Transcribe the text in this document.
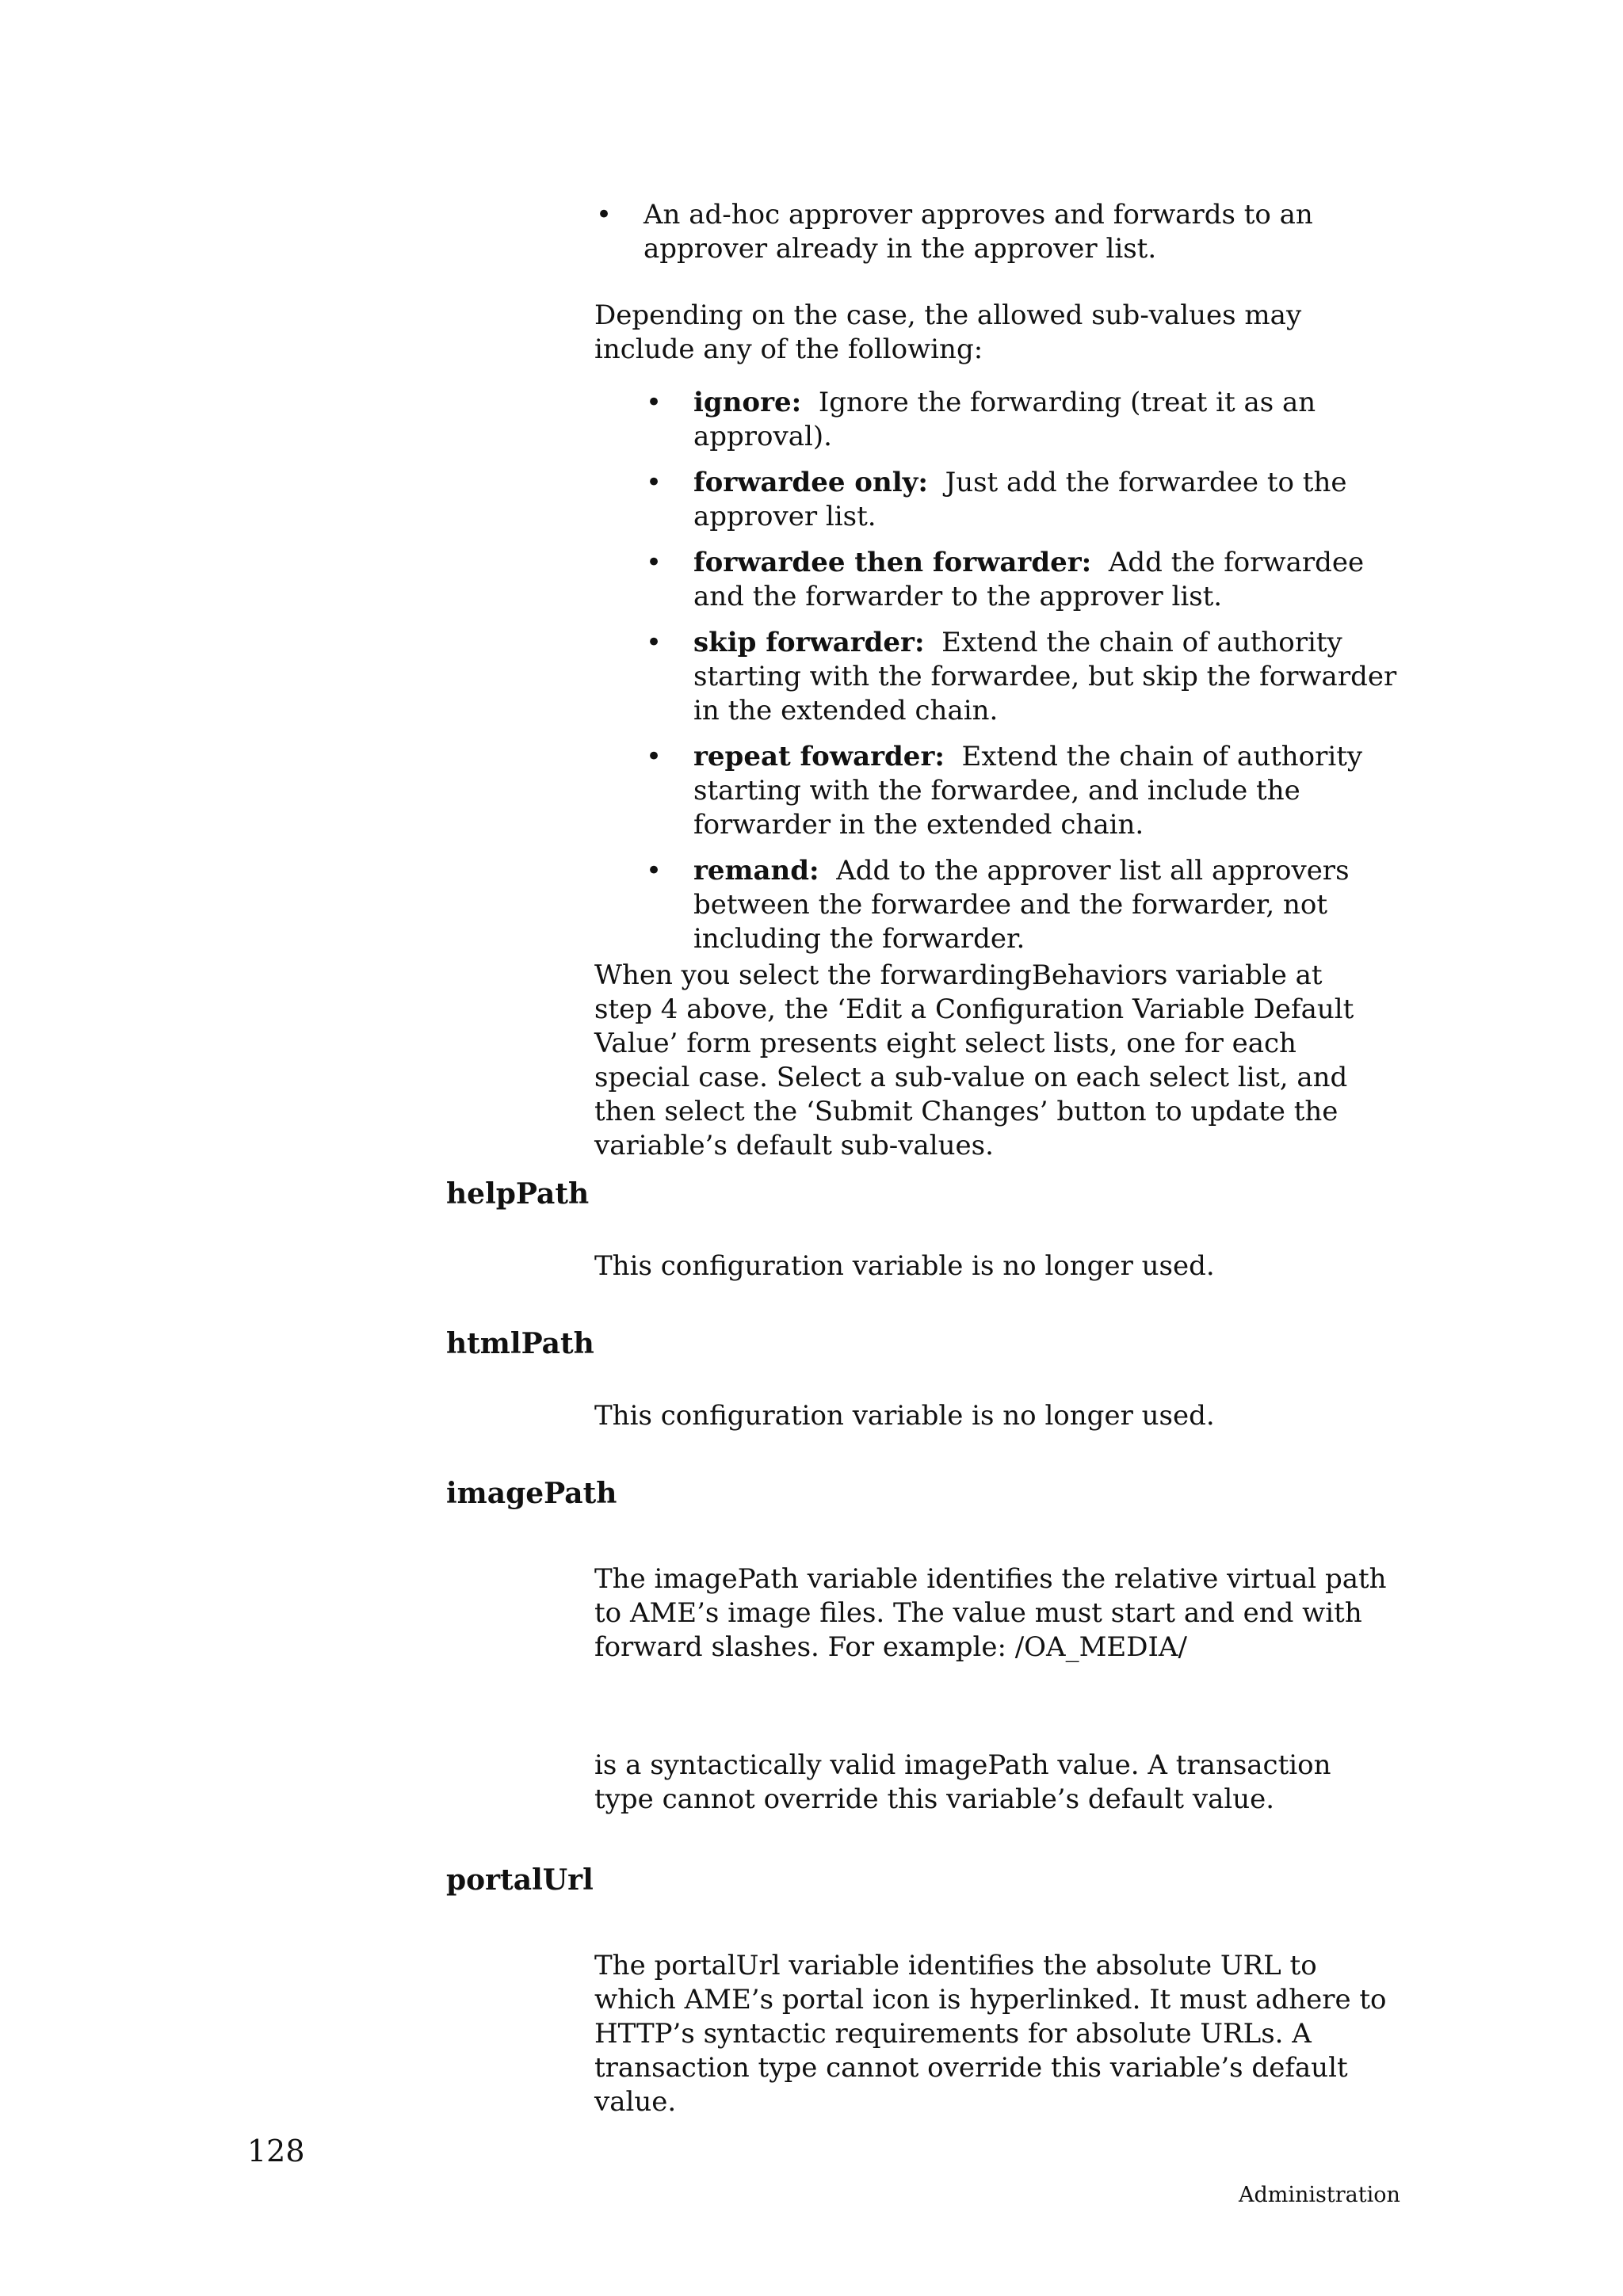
• An ad-hoc approver approves and forwards to an approver already in the approver list.

Depending on the case, the allowed sub-values may include any of the following:

• ignore: Ignore the forwarding (treat it as an approval).
• forwardee only: Just add the forwardee to the approver list.
• forwardee then forwarder: Add the forwardee and the forwarder to the approver list.
• skip forwarder: Extend the chain of authority starting with the forwardee, but skip the forwarder in the extended chain.
• repeat fowarder: Extend the chain of authority starting with the forwardee, and include the forwarder in the extended chain.
• remand: Add to the approver list all approvers between the forwardee and the forwarder, not including the forwarder.

When you select the forwardingBehaviors variable at step 4 above, the ‘Edit a Configuration Variable Default Value’ form presents eight select lists, one for each special case. Select a sub-value on each select list, and then select the ‘Submit Changes’ button to update the variable’s default sub-values.

helpPath

This configuration variable is no longer used.

htmlPath

This configuration variable is no longer used.

imagePath

The imagePath variable identifies the relative virtual path to AME’s image files. The value must start and end with forward slashes. For example: /OA_MEDIA/

is a syntactically valid imagePath value. A transaction type cannot override this variable’s default value.

portalUrl

The portalUrl variable identifies the absolute URL to which AME’s portal icon is hyperlinked. It must adhere to HTTP’s syntactic requirements for absolute URLs. A transaction type cannot override this variable’s default value.

128
Administration
